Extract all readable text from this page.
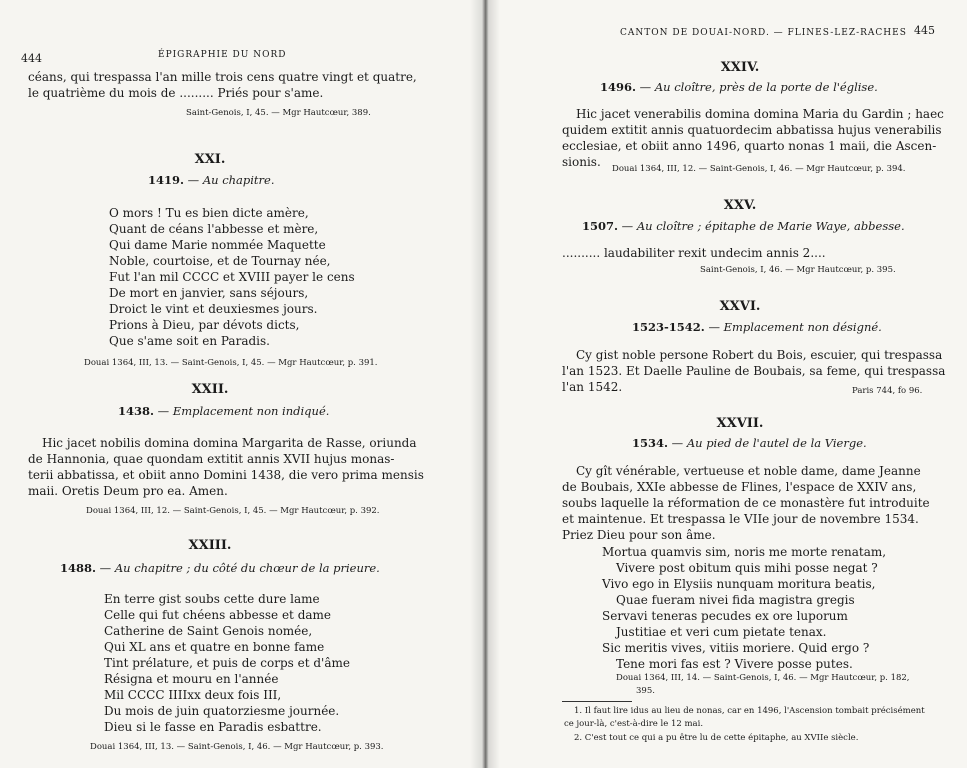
444	ÉPIGRAPHIE DU NORD
céans, qui trespassa l'an mille trois cens quatre vingt et quatre,
le quatrième du mois de ......... Priés pour s'ame.
Saint-Genois, I, 45. — Mgr Hautcœur, 389.
XXI.
1419. — Au chapitre.
O mors ! Tu es bien dicte amère,
Quant de céans l'abbesse et mère,
Qui dame Marie nommée Maquette
Noble, courtoise, et de Tournay née,
Fut l'an mil CCCC et XVIII payer le cens
De mort en janvier, sans séjours,
Droict le vint et deuxiesmes jours.
Prions à Dieu, par dévots dicts,
Que s'ame soit en Paradis.
Douai 1364, III, 13. — Saint-Genois, I, 45. — Mgr Hautcœur, p. 391.
XXII.
1438. — Emplacement non indiqué.
Hic jacet nobilis domina domina Margarita de Rasse, oriunda
de Hannonia, quae quondam extitit annis XVII hujus monas-
terii abbatissa, et obiit anno Domini 1438, die vero prima mensis
maii. Oretis Deum pro ea. Amen.
Douai 1364, III, 12. — Saint-Genois, I, 45. — Mgr Hautcœur, p. 392.
XXIII.
1488. — Au chapitre ; du côté du chœur de la prieure.
En terre gist soubs cette dure lame
Celle qui fut chéens abbesse et dame
Catherine de Saint Genois nomée,
Qui XL ans et quatre en bonne fame
Tint prélature, et puis de corps et d'âme
Résigna et mouru en l'année
Mil CCCC IIIIxx deux fois III,
Du mois de juin quatorziesme journée.
Dieu si le fasse en Paradis esbattre.
Douai 1364, III, 13. — Saint-Genois, I, 46. — Mgr Hautcœur, p. 393.
CANTON DE DOUAI-NORD. — FLINES-LEZ-RACHES 445
XXIV.
1496. — Au cloître, près de la porte de l'église.
Hic jacet venerabilis domina domina Maria du Gardin ; haec
quidem extitit annis quatuordecim abbatissa hujus venerabilis
ecclesiae, et obiit anno 1496, quarto nonas 1 maii, die Ascen-
sionis. Douai 1364, III, 12. — Saint-Genois, I, 46. — Mgr Hautcœur, p. 394.
XXV.
1507. — Au cloître ; épitaphe de Marie Waye, abbesse.
.......... laudabiliter rexit undecim annis 2....
Saint-Genois, I, 46. — Mgr Hautcœur, p. 395.
XXVI.
1523-1542. — Emplacement non désigné.
Cy gist noble persone Robert du Bois, escuier, qui trespassa
l'an 1523. Et Daelle Pauline de Boubais, sa feme, qui trespassa
l'an 1542.	Paris 744, fo 96.
XXVII.
1534. — Au pied de l'autel de la Vierge.
Cy gît vénérable, vertueuse et noble dame, dame Jeanne
de Boubais, XXIe abbesse de Flines, l'espace de XXIV ans,
soubs laquelle la réformation de ce monastère fut introduite
et maintenue. Et trespassa le VIIe jour de novembre 1534.
Priez Dieu pour son âme.
Mortua quamvis sim, noris me morte renatam,
Vivere post obitum quis mihi posse negat ?
Vivo ego in Elysiis nunquam moritura beatis,
Quae fueram nivei fida magistra gregis
Servavi teneras pecudes ex ore luporum
Justitiae et veri cum pietate tenax.
Sic meritis vives, vitiis moriere. Quid ergo ?
Tene mori fas est ? Vivere posse putes.
Douai 1364, III, 14. — Saint-Genois, I, 46. — Mgr Hautcœur, p. 182,
395.
1. Il faut lire idus au lieu de nonas, car en 1496, l'Ascension tombait précisément
ce jour-là, c'est-à-dire le 12 mai.
2. C'est tout ce qui a pu être lu de cette épitaphe, au XVIIe siècle.
